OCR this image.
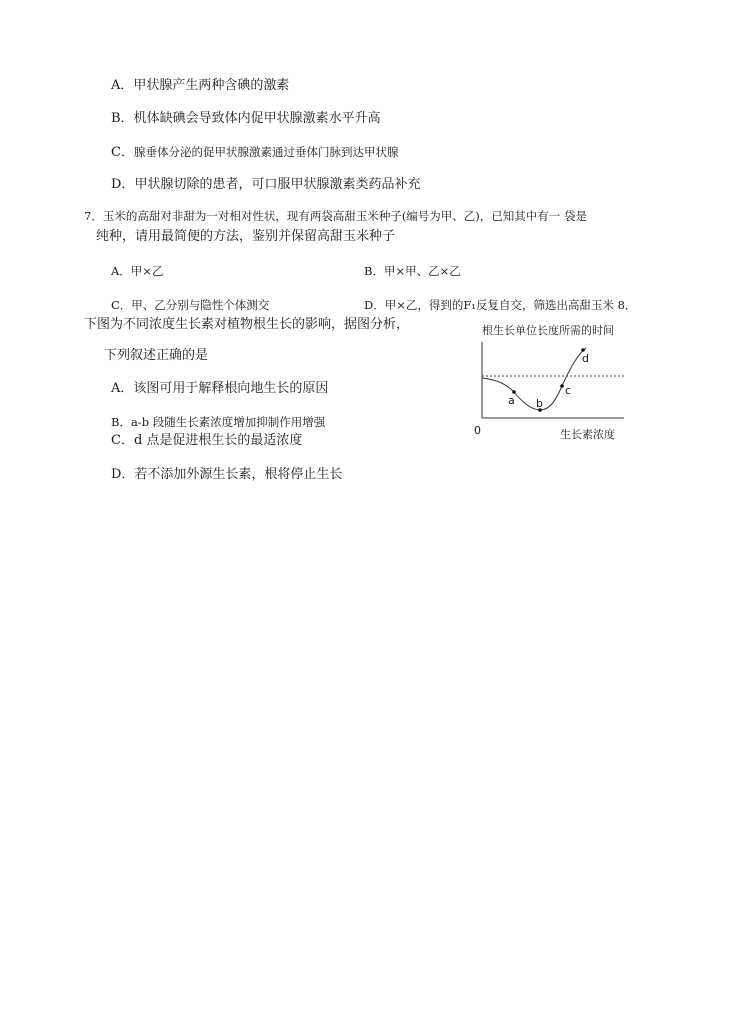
A．甲状腺产生两种含碘的激素
B．机体缺碘会导致体内促甲状腺激素水平升高
C．腺垂体分泌的促甲状腺激素通过垂体门脉到达甲状腺
D．甲状腺切除的患者，可口服甲状腺激素类药品补充
7．玉米的高甜对非甜为一对相对性状，现有两袋高甜玉米种子(编号为甲、乙)，已知其中有一 袋是
纯种，请用最简便的方法，鉴别并保留高甜玉米种子
A．甲×乙	B．甲×甲、乙×乙
C．甲、乙分别与隐性个体测交	D．甲×乙，得到的F₁反复自交，筛选出高甜玉米 8．
下图为不同浓度生长素对植物根生长的影响，据图分析，
下列叙述正确的是
A．该图可用于解释根向地生长的原因
B．a-b 段随生长素浓度增加抑制作用增强
C．d 点是促进根生长的最适浓度
D．若不添加外源生长素，根将停止生长
根生长单位长度所需的时间
a b
c
d
0	生长素浓度
